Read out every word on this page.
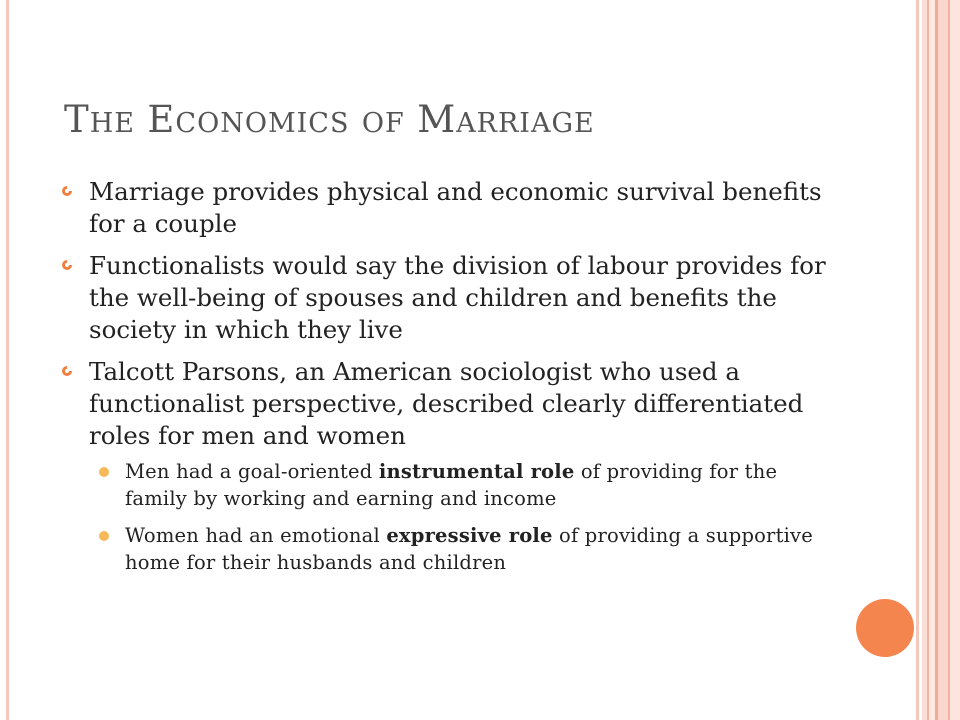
THE ECONOMICS OF MARRIAGE
Marriage provides physical and economic survival benefits for a couple
Functionalists would say the division of labour provides for the well-being of spouses and children and benefits the society in which they live
Talcott Parsons, an American sociologist who used a functionalist perspective, described clearly differentiated roles for men and women
Men had a goal-oriented instrumental role of providing for the family by working and earning and income
Women had an emotional expressive role of providing a supportive home for their husbands and children
